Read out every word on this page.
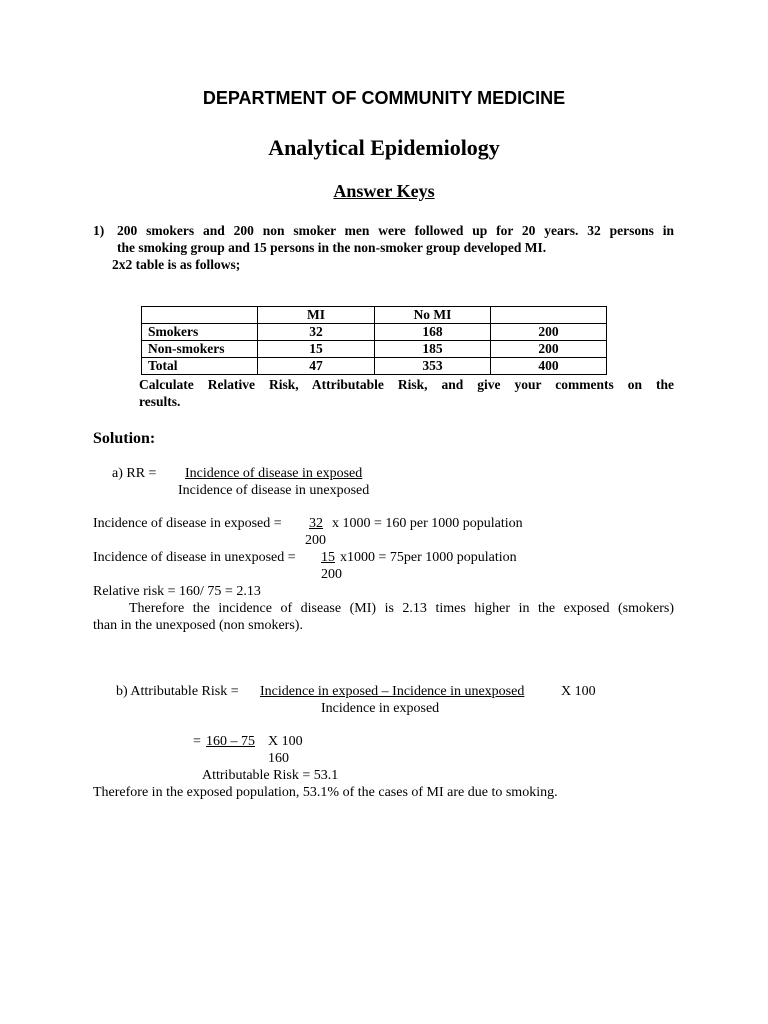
DEPARTMENT OF COMMUNITY MEDICINE
Analytical Epidemiology
Answer Keys
1) 200 smokers and 200 non smoker men were followed up for 20 years. 32 persons in
the smoking group and 15 persons in the non-smoker group developed MI.
2x2 table is as follows;
	MI	No MI	
Smokers	32	168	200
Non-smokers	15	185	200
Total	47	353	400
Calculate Relative Risk, Attributable Risk, and give your comments on the
results.
Solution:
a) RR = Incidence of disease in exposed
Incidence of disease in unexposed
Incidence of disease in exposed = 32 x 1000 = 160 per 1000 population
200
Incidence of disease in unexposed = 15 x1000 = 75per 1000 population
200
Relative risk = 160/ 75 = 2.13
Therefore the incidence of disease (MI) is 2.13 times higher in the exposed (smokers)
than in the unexposed (non smokers).
b) Attributable Risk = Incidence in exposed – Incidence in unexposed	X 100
Incidence in exposed
= 160 – 75 X 100
160
Attributable Risk = 53.1
Therefore in the exposed population, 53.1% of the cases of MI are due to smoking.
